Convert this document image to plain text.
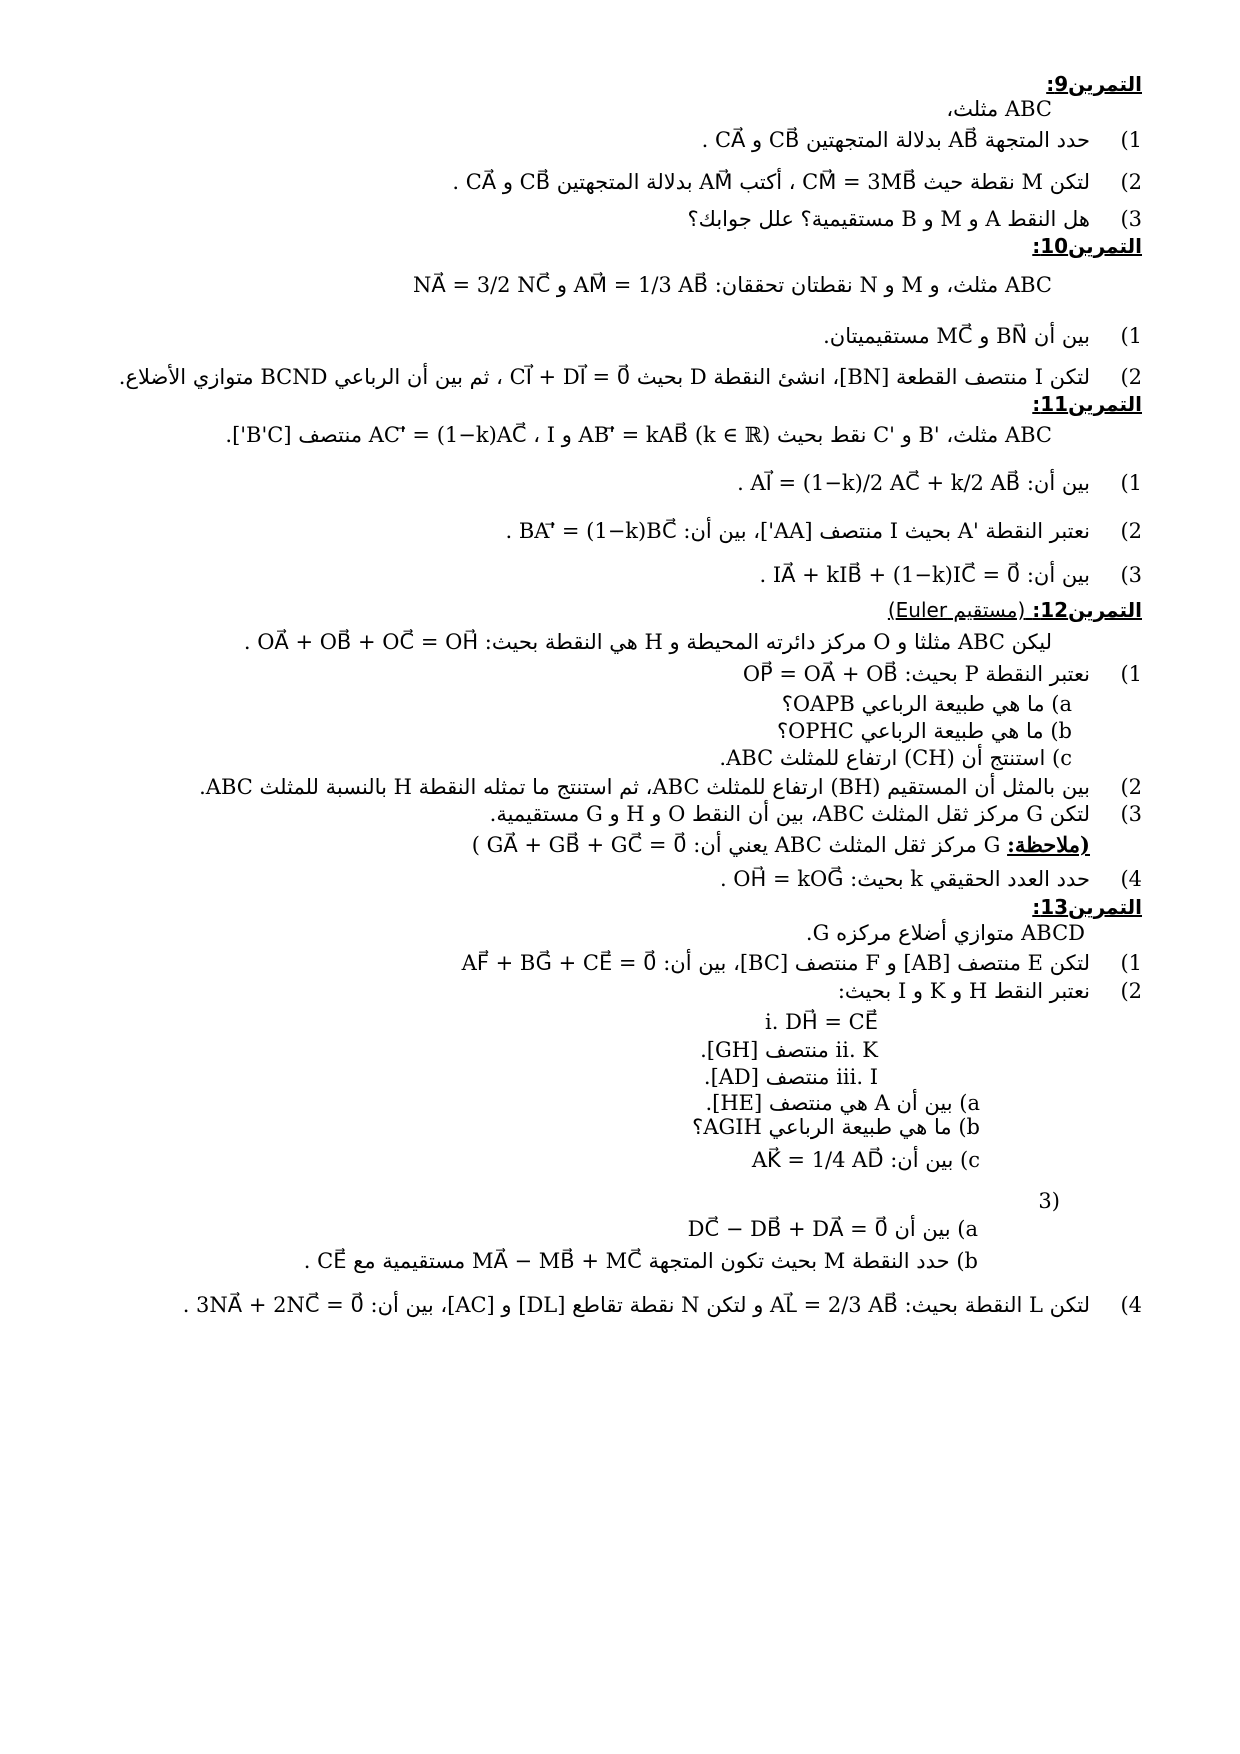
التمرين9:
ABC مثلث،
(1
حدد المتجهة AB⃗ بدلالة المتجهتين CB⃗ و CA⃗ .
(2
لتكن M نقطة حيث CM⃗ = 3MB⃗ ، أكتب AM⃗ بدلالة المتجهتين CB⃗ و CA⃗ .
(3
هل النقط A و M و B مستقيمية؟ علل جوابك؟
التمرين10:
ABC مثلث، و M و N نقطتان تحققان: AM⃗ = 1/3 AB⃗ و NA⃗ = 3/2 NC⃗
(1
بين أن BN⃗ و MC⃗ مستقيميتان.
(2
لتكن I منتصف القطعة [BN]، انشئ النقطة D بحيث CI⃗ + DI⃗ = 0⃗ ، ثم بين أن الرباعي BCND متوازي الأضلاع.
التمرين11:
ABC مثلث، 'B و 'C نقط بحيث (k ∈ ℝ) AB'⃗ = kAB⃗ و AC'⃗ = (1−k)AC⃗ ، I منتصف [B'C'].
(1
بين أن: AI⃗ = (1−k)/2 AC⃗ + k/2 AB⃗ .
(2
نعتبر النقطة 'A بحيث I منتصف [AA']، بين أن: BA'⃗ = (1−k)BC⃗ .
(3
بين أن: IA⃗ + kIB⃗ + (1−k)IC⃗ = 0⃗ .
التمرين12: (مستقيم Euler)
ليكن ABC مثلثا و O مركز دائرته المحيطة و H هي النقطة بحيث: OA⃗ + OB⃗ + OC⃗ = OH⃗ .
(1
نعتبر النقطة P بحيث: OP⃗ = OA⃗ + OB⃗
a) ما هي طبيعة الرباعي OAPB؟
b) ما هي طبيعة الرباعي OPHC؟
c) استنتج أن (CH) ارتفاع للمثلث ABC.
(2
بين بالمثل أن المستقيم (BH) ارتفاع للمثلث ABC، ثم استنتج ما تمثله النقطة H بالنسبة للمثلث ABC.
(3
لتكن G مركز ثقل المثلث ABC، بين أن النقط O و H و G مستقيمية.
(ملاحظة: G مركز ثقل المثلث ABC يعني أن: GA⃗ + GB⃗ + GC⃗ = 0⃗ )
(4
حدد العدد الحقيقي k بحيث: OH⃗ = kOG⃗ .
التمرين13:
ABCD متوازي أضلاع مركزه G.
(1
لتكن E منتصف [AB] و F منتصف [BC]، بين أن: AF⃗ + BG⃗ + CE⃗ = 0⃗
(2
نعتبر النقط H و K و I بحيث:
i. DH⃗ = CE⃗
ii. K منتصف [GH].
iii. I منتصف [AD].
a) بين أن A هي منتصف [HE].
b) ما هي طبيعة الرباعي AGIH؟
c) بين أن: AK⃗ = 1/4 AD⃗
(3
a) بين أن DC⃗ − DB⃗ + DA⃗ = 0⃗
b) حدد النقطة M بحيث تكون المتجهة MA⃗ − MB⃗ + MC⃗ مستقيمية مع CE⃗ .
(4
لتكن L النقطة بحيث: AL⃗ = 2/3 AB⃗ و لتكن N نقطة تقاطع [DL] و [AC]، بين أن: 3NA⃗ + 2NC⃗ = 0⃗ .
